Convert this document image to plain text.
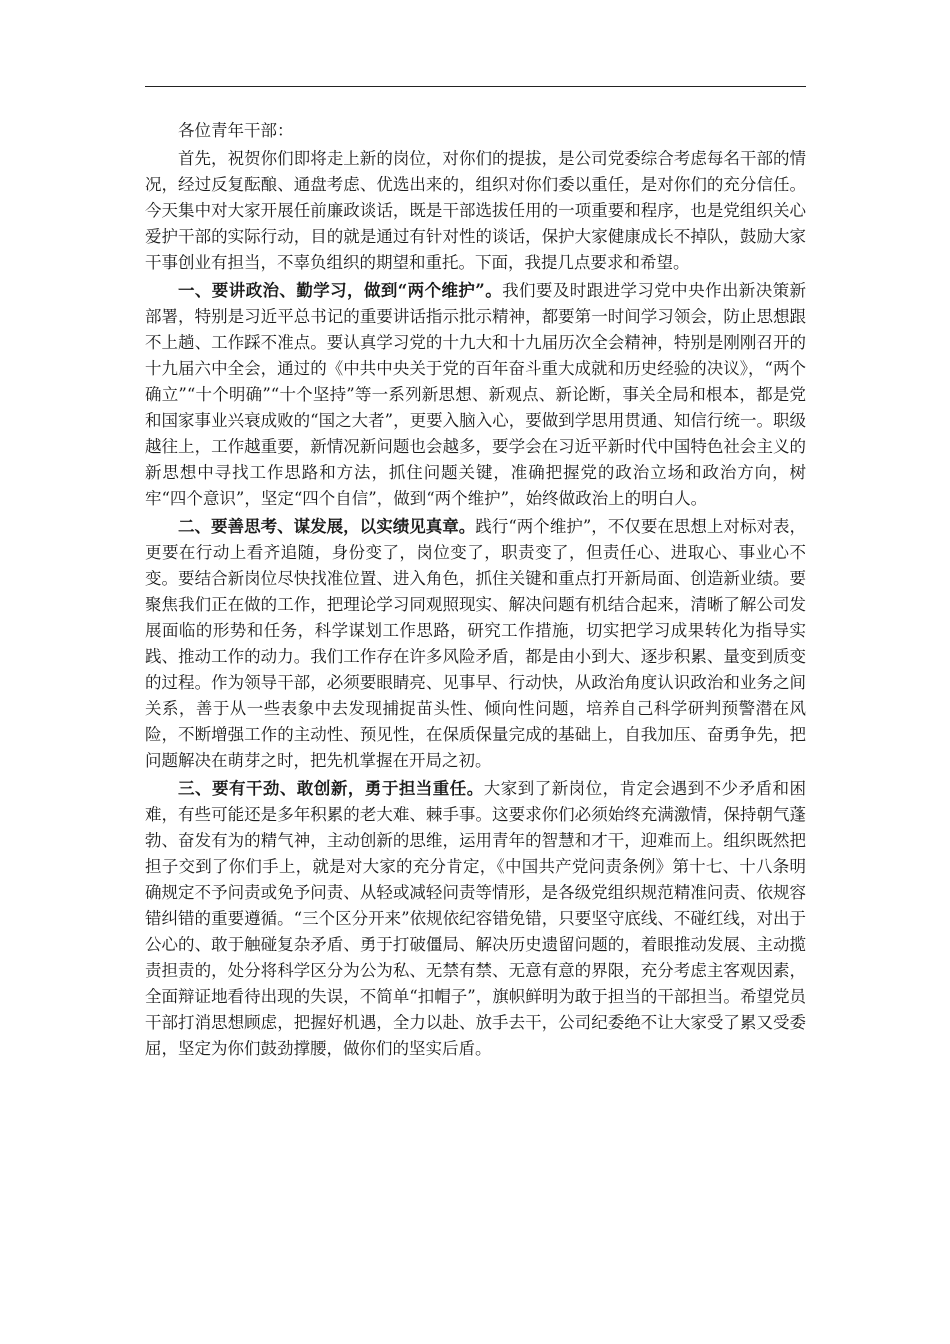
各位青年干部：

首先，祝贺你们即将走上新的岗位，对你们的提拔，是公司党委综合考虑每名干部的情况，经过反复酝酿、通盘考虑、优选出来的，组织对你们委以重任，是对你们的充分信任。今天集中对大家开展任前廉政谈话，既是干部选拔任用的一项重要和程序，也是党组织关心爱护干部的实际行动，目的就是通过有针对性的谈话，保护大家健康成长不掉队，鼓励大家干事创业有担当，不辜负组织的期望和重托。下面，我提几点要求和希望。

一、要讲政治、勤学习，做到“两个维护”。我们要及时跟进学习党中央作出新决策新部署，特别是习近平总书记的重要讲话指示批示精神，都要第一时间学习领会，防止思想跟不上趟、工作踩不准点。要认真学习党的十九大和十九届历次全会精神，特别是刚刚召开的十九届六中全会，通过的《中共中央关于党的百年奋斗重大成就和历史经验的决议》，“两个确立”“十个明确”“十个坚持”等一系列新思想、新观点、新论断，事关全局和根本，都是党和国家事业兴衰成败的“国之大者”，更要入脑入心，要做到学思用贯通、知信行统一。职级越往上，工作越重要，新情况新问题也会越多，要学会在习近平新时代中国特色社会主义的新思想中寻找工作思路和方法，抓住问题关键，准确把握党的政治立场和政治方向，树牢“四个意识”，坚定“四个自信”，做到“两个维护”，始终做政治上的明白人。

二、要善思考、谋发展，以实绩见真章。践行“两个维护”，不仅要在思想上对标对表，更要在行动上看齐追随，身份变了，岗位变了，职责变了，但责任心、进取心、事业心不变。要结合新岗位尽快找准位置、进入角色，抓住关键和重点打开新局面、创造新业绩。要聚焦我们正在做的工作，把理论学习同观照现实、解决问题有机结合起来，清晰了解公司发展面临的形势和任务，科学谋划工作思路，研究工作措施，切实把学习成果转化为指导实践、推动工作的动力。我们工作存在许多风险矛盾，都是由小到大、逐步积累、量变到质变的过程。作为领导干部，必须要眼睛亮、见事早、行动快，从政治角度认识政治和业务之间关系，善于从一些表象中去发现捕捉苗头性、倾向性问题，培养自己科学研判预警潜在风险，不断增强工作的主动性、预见性，在保质保量完成的基础上，自我加压、奋勇争先，把问题解决在萌芽之时，把先机掌握在开局之初。

三、要有干劲、敢创新，勇于担当重任。大家到了新岗位，肯定会遇到不少矛盾和困难，有些可能还是多年积累的老大难、棘手事。这要求你们必须始终充满激情，保持朝气蓬勃、奋发有为的精气神，主动创新的思维，运用青年的智慧和才干，迎难而上。组织既然把担子交到了你们手上，就是对大家的充分肯定，《中国共产党问责条例》第十七、十八条明确规定不予问责或免予问责、从轻或减轻问责等情形，是各级党组织规范精准问责、依规容错纠错的重要遵循。“三个区分开来”依规依纪容错免错，只要坚守底线、不碰红线，对出于公心的、敢于触碰复杂矛盾、勇于打破僵局、解决历史遗留问题的，着眼推动发展、主动揽责担责的，处分将科学区分为公为私、无禁有禁、无意有意的界限，充分考虑主客观因素，全面辩证地看待出现的失误，不简单“扣帽子”，旗帜鲜明为敢于担当的干部担当。希望党员干部打消思想顾虑，把握好机遇，全力以赴、放手去干，公司纪委绝不让大家受了累又受委屈，坚定为你们鼓劲撑腰，做你们的坚实后盾。
